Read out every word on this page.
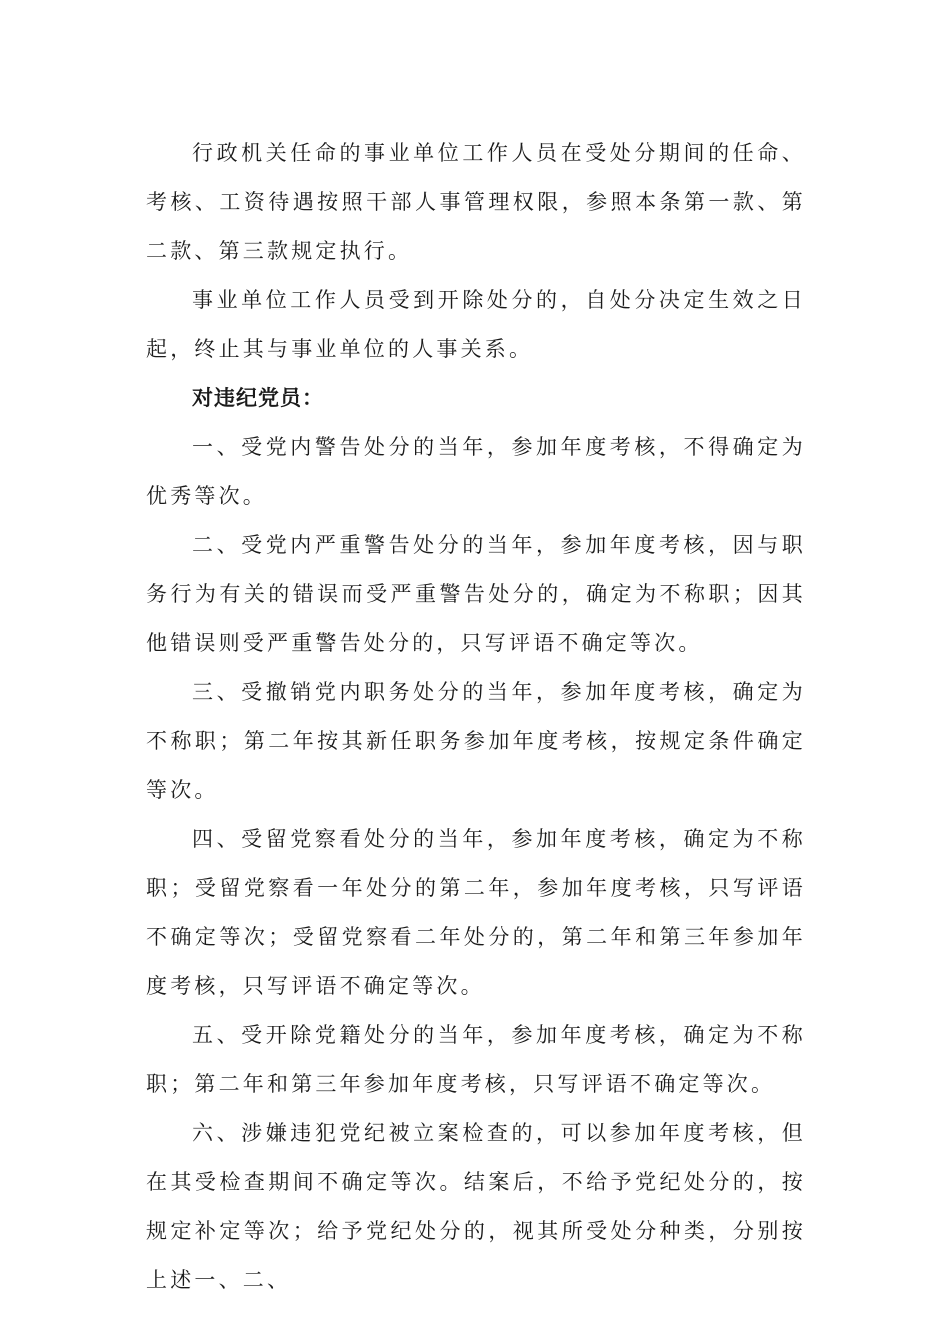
行政机关任命的事业单位工作人员在受处分期间的任命、考核、工资待遇按照干部人事管理权限，参照本条第一款、第二款、第三款规定执行。

事业单位工作人员受到开除处分的，自处分决定生效之日起，终止其与事业单位的人事关系。

对违纪党员：

一、受党内警告处分的当年，参加年度考核，不得确定为优秀等次。

二、受党内严重警告处分的当年，参加年度考核，因与职务行为有关的错误而受严重警告处分的，确定为不称职；因其他错误则受严重警告处分的，只写评语不确定等次。

三、受撤销党内职务处分的当年，参加年度考核，确定为不称职；第二年按其新任职务参加年度考核，按规定条件确定等次。

四、受留党察看处分的当年，参加年度考核，确定为不称职；受留党察看一年处分的第二年，参加年度考核，只写评语不确定等次；受留党察看二年处分的，第二年和第三年参加年度考核，只写评语不确定等次。

五、受开除党籍处分的当年，参加年度考核，确定为不称职；第二年和第三年参加年度考核，只写评语不确定等次。

六、涉嫌违犯党纪被立案检查的，可以参加年度考核，但在其受检查期间不确定等次。结案后，不给予党纪处分的，按规定补定等次；给予党纪处分的，视其所受处分种类，分别按上述一、二、
